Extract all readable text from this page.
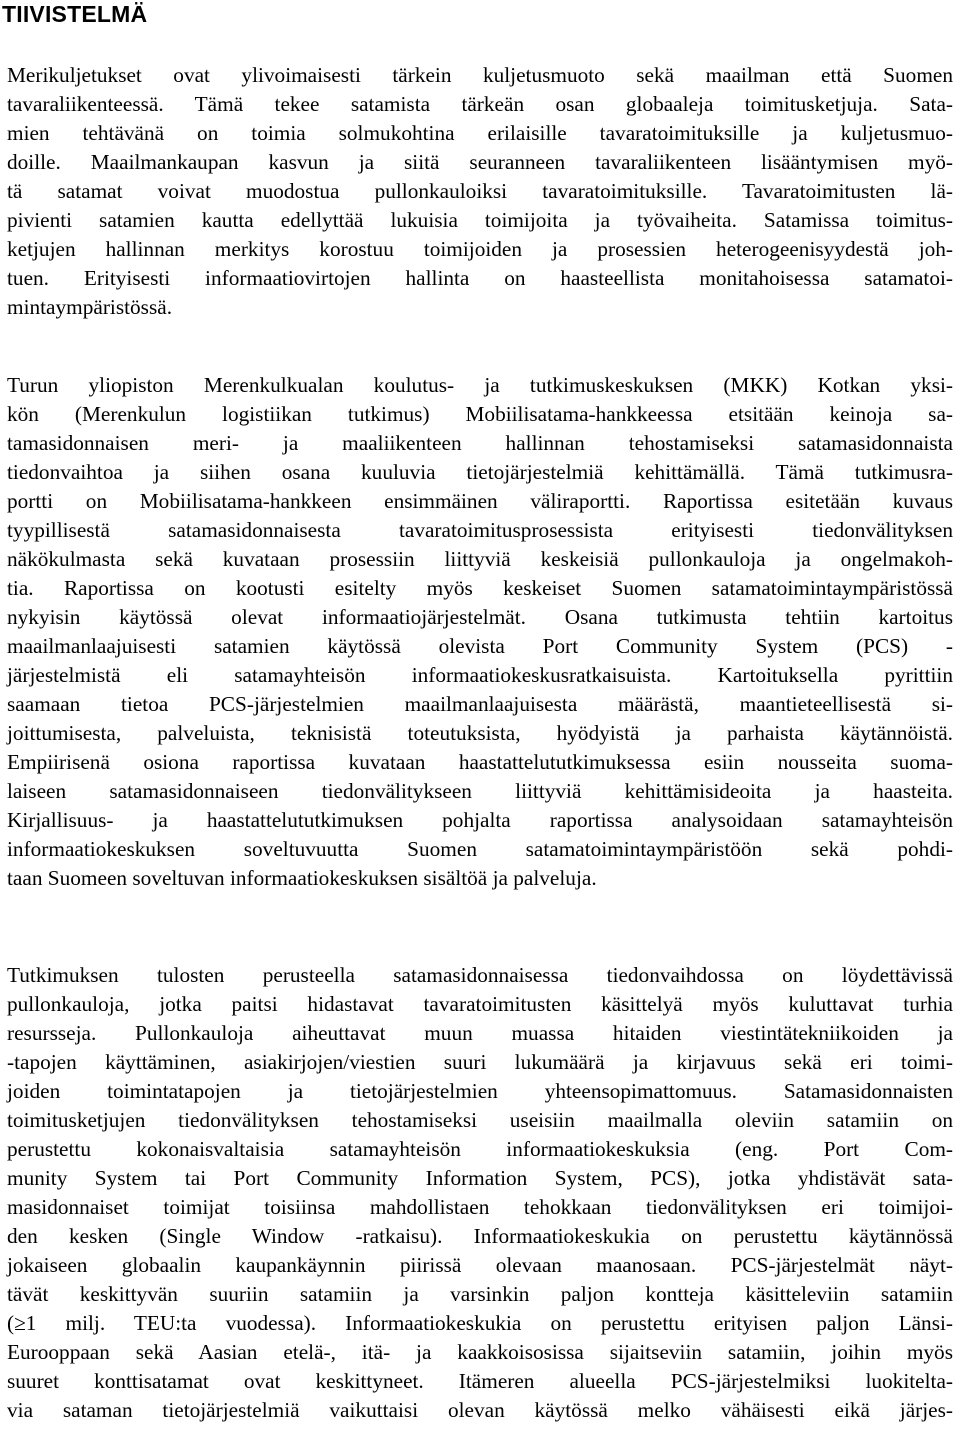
TIIVISTELMÄ

Merikuljetukset ovat ylivoimaisesti tärkein kuljetusmuoto sekä maailman että Suomen
tavaraliikenteessä. Tämä tekee satamista tärkeän osan globaaleja toimitusketjuja. Sata-
mien tehtävänä on toimia solmukohtina erilaisille tavaratoimituksille ja kuljetusmuo-
doille. Maailmankaupan kasvun ja siitä seuranneen tavaraliikenteen lisääntymisen myö-
tä satamat voivat muodostua pullonkauloiksi tavaratoimituksille. Tavaratoimitusten lä-
pivienti satamien kautta edellyttää lukuisia toimijoita ja työvaiheita. Satamissa toimitus-
ketjujen hallinnan merkitys korostuu toimijoiden ja prosessien heterogeenisyydestä joh-
tuen. Erityisesti informaatiovirtojen hallinta on haasteellista monitahoisessa satamatoi-
mintaympäristössä.

Turun yliopiston Merenkulkualan koulutus- ja tutkimuskeskuksen (MKK) Kotkan yksi-
kön (Merenkulun logistiikan tutkimus) Mobiilisatama-hankkeessa etsitään keinoja sa-
tamasidonnaisen meri- ja maaliikenteen hallinnan tehostamiseksi satamasidonnaista
tiedonvaihtoa ja siihen osana kuuluvia tietojärjestelmiä kehittämällä. Tämä tutkimusra-
portti on Mobiilisatama-hankkeen ensimmäinen väliraportti. Raportissa esitetään kuvaus
tyypillisestä satamasidonnaisesta tavaratoimitusprosessista erityisesti tiedonvälityksen
näkökulmasta sekä kuvataan prosessiin liittyviä keskeisiä pullonkauloja ja ongelmakoh-
tia. Raportissa on kootusti esitelty myös keskeiset Suomen satamatoimintaympäristössä
nykyisin käytössä olevat informaatiojärjestelmät. Osana tutkimusta tehtiin kartoitus
maailmanlaajuisesti satamien käytössä olevista Port Community System (PCS) -
järjestelmistä eli satamayhteisön informaatiokeskusratkaisuista. Kartoituksella pyrittiin
saamaan tietoa PCS-järjestelmien maailmanlaajuisesta määrästä, maantieteellisestä si-
joittumisesta, palveluista, teknisistä toteutuksista, hyödyistä ja parhaista käytännöistä.
Empiirisenä osiona raportissa kuvataan haastattelututkimuksessa esiin nousseita suoma-
laiseen satamasidonnaiseen tiedonvälitykseen liittyviä kehittämisideoita ja haasteita.
Kirjallisuus- ja haastattelututkimuksen pohjalta raportissa analysoidaan satamayhteisön
informaatiokeskuksen soveltuvuutta Suomen satamatoimintaympäristöön sekä pohdi-
taan Suomeen soveltuvan informaatiokeskuksen sisältöä ja palveluja.

Tutkimuksen tulosten perusteella satamasidonnaisessa tiedonvaihdossa on löydettävissä
pullonkauloja, jotka paitsi hidastavat tavaratoimitusten käsittelyä myös kuluttavat turhia
resursseja. Pullonkauloja aiheuttavat muun muassa hitaiden viestintätekniikoiden ja
-tapojen käyttäminen, asiakirjojen/viestien suuri lukumäärä ja kirjavuus sekä eri toimi-
joiden toimintatapojen ja tietojärjestelmien yhteensopimattomuus. Satamasidonnaisten
toimitusketjujen tiedonvälityksen tehostamiseksi useisiin maailmalla oleviin satamiin on
perustettu kokonaisvaltaisia satamayhteisön informaatiokeskuksia (eng. Port Com-
munity System tai Port Community Information System, PCS), jotka yhdistävät sata-
masidonnaiset toimijat toisiinsa mahdollistaen tehokkaan tiedonvälityksen eri toimijoi-
den kesken (Single Window -ratkaisu). Informaatiokeskukia on perustettu käytännössä
jokaiseen globaalin kaupankäynnin piirissä olevaan maanosaan. PCS-järjestelmät näyt-
tävät keskittyvän suuriin satamiin ja varsinkin paljon kontteja käsitteleviin satamiin
(≥1 milj. TEU:ta vuodessa). Informaatiokeskukia on perustettu erityisen paljon Länsi-
Eurooppaan sekä Aasian etelä-, itä- ja kaakkoisosissa sijaitseviin satamiin, joihin myös
suuret konttisatamat ovat keskittyneet. Itämeren alueella PCS-järjestelmiksi luokitelta-
via sataman tietojärjestelmiä vaikuttaisi olevan käytössä melko vähäisesti eikä järjes-
